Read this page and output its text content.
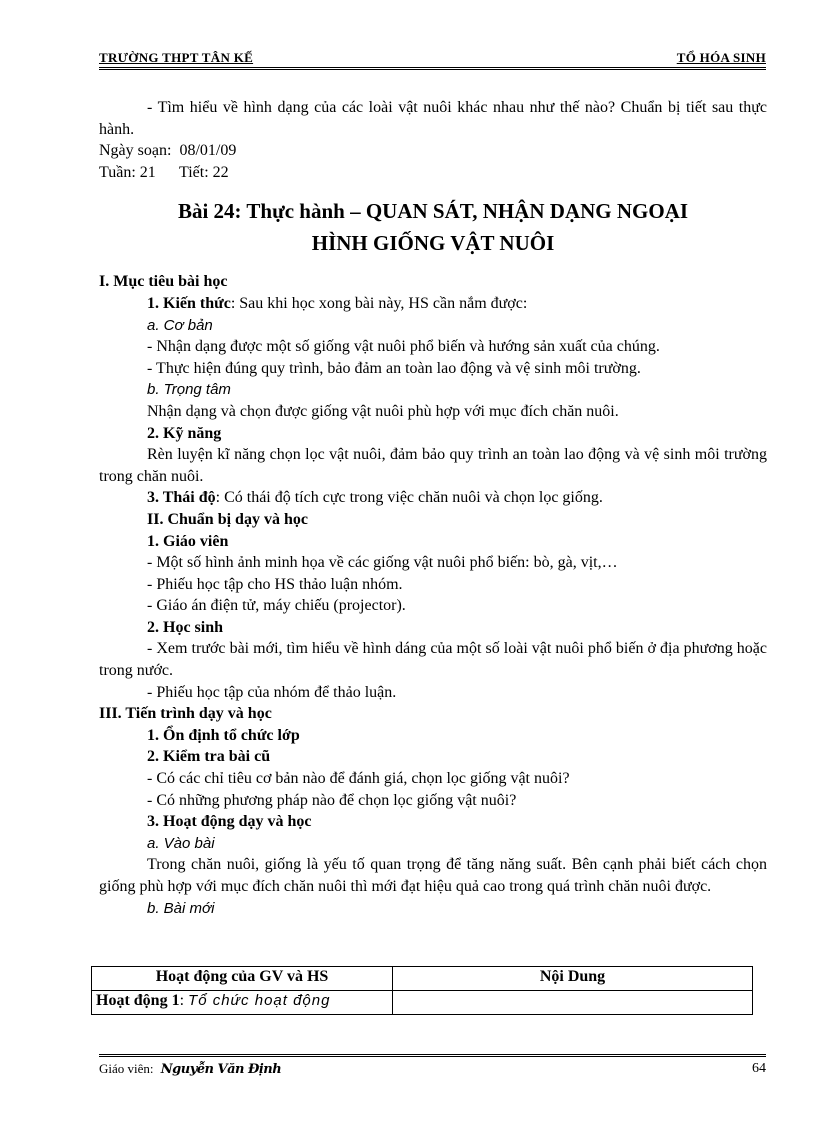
TRƯỜNG THPT TÂN KẾ	TỔ HÓA SINH

- Tìm hiểu về hình dạng của các loài vật nuôi khác nhau như thế nào? Chuẩn bị tiết sau thực hành.

Ngày soạn: 08/01/09

Tuần: 21 Tiết: 22

Bài 24: Thực hành – QUAN SÁT, NHẬN DẠNG NGOẠI
HÌNH GIỐNG VẬT NUÔI

I. Mục tiêu bài học

1. Kiến thức: Sau khi học xong bài này, HS cần nắm được:

a. Cơ bản

- Nhận dạng được một số giống vật nuôi phổ biến và hướng sản xuất của chúng.

- Thực hiện đúng quy trình, bảo đảm an toàn lao động và vệ sinh môi trường.

b. Trọng tâm

Nhận dạng và chọn được giống vật nuôi phù hợp với mục đích chăn nuôi.

2. Kỹ năng

Rèn luyện kĩ năng chọn lọc vật nuôi, đảm bảo quy trình an toàn lao động và vệ sinh môi trường trong chăn nuôi.

3. Thái độ: Có thái độ tích cực trong việc chăn nuôi và chọn lọc giống.

II. Chuẩn bị dạy và học

1. Giáo viên

- Một số hình ảnh minh họa về các giống vật nuôi phổ biến: bò, gà, vịt,…

- Phiếu học tập cho HS thảo luận nhóm.

- Giáo án điện tử, máy chiếu (projector).

2. Học sinh

- Xem trước bài mới, tìm hiểu về hình dáng của một số loài vật nuôi phổ biến ở địa phương hoặc trong nước.

- Phiếu học tập của nhóm để thảo luận.

III. Tiến trình dạy và học

1. Ổn định tổ chức lớp

2. Kiểm tra bài cũ

- Có các chỉ tiêu cơ bản nào để đánh giá, chọn lọc giống vật nuôi?

- Có những phương pháp nào để chọn lọc giống vật nuôi?

3. Hoạt động dạy và học

a. Vào bài

Trong chăn nuôi, giống là yếu tố quan trọng để tăng năng suất. Bên cạnh phải biết cách chọn giống phù hợp với mục đích chăn nuôi thì mới đạt hiệu quả cao trong quá trình chăn nuôi được.

b. Bài mới

Hoạt động của GV và HS	Nội Dung
Hoạt động 1: Tổ chức hoạt động	
Giáo viên: Nguyễn Văn Định	64
